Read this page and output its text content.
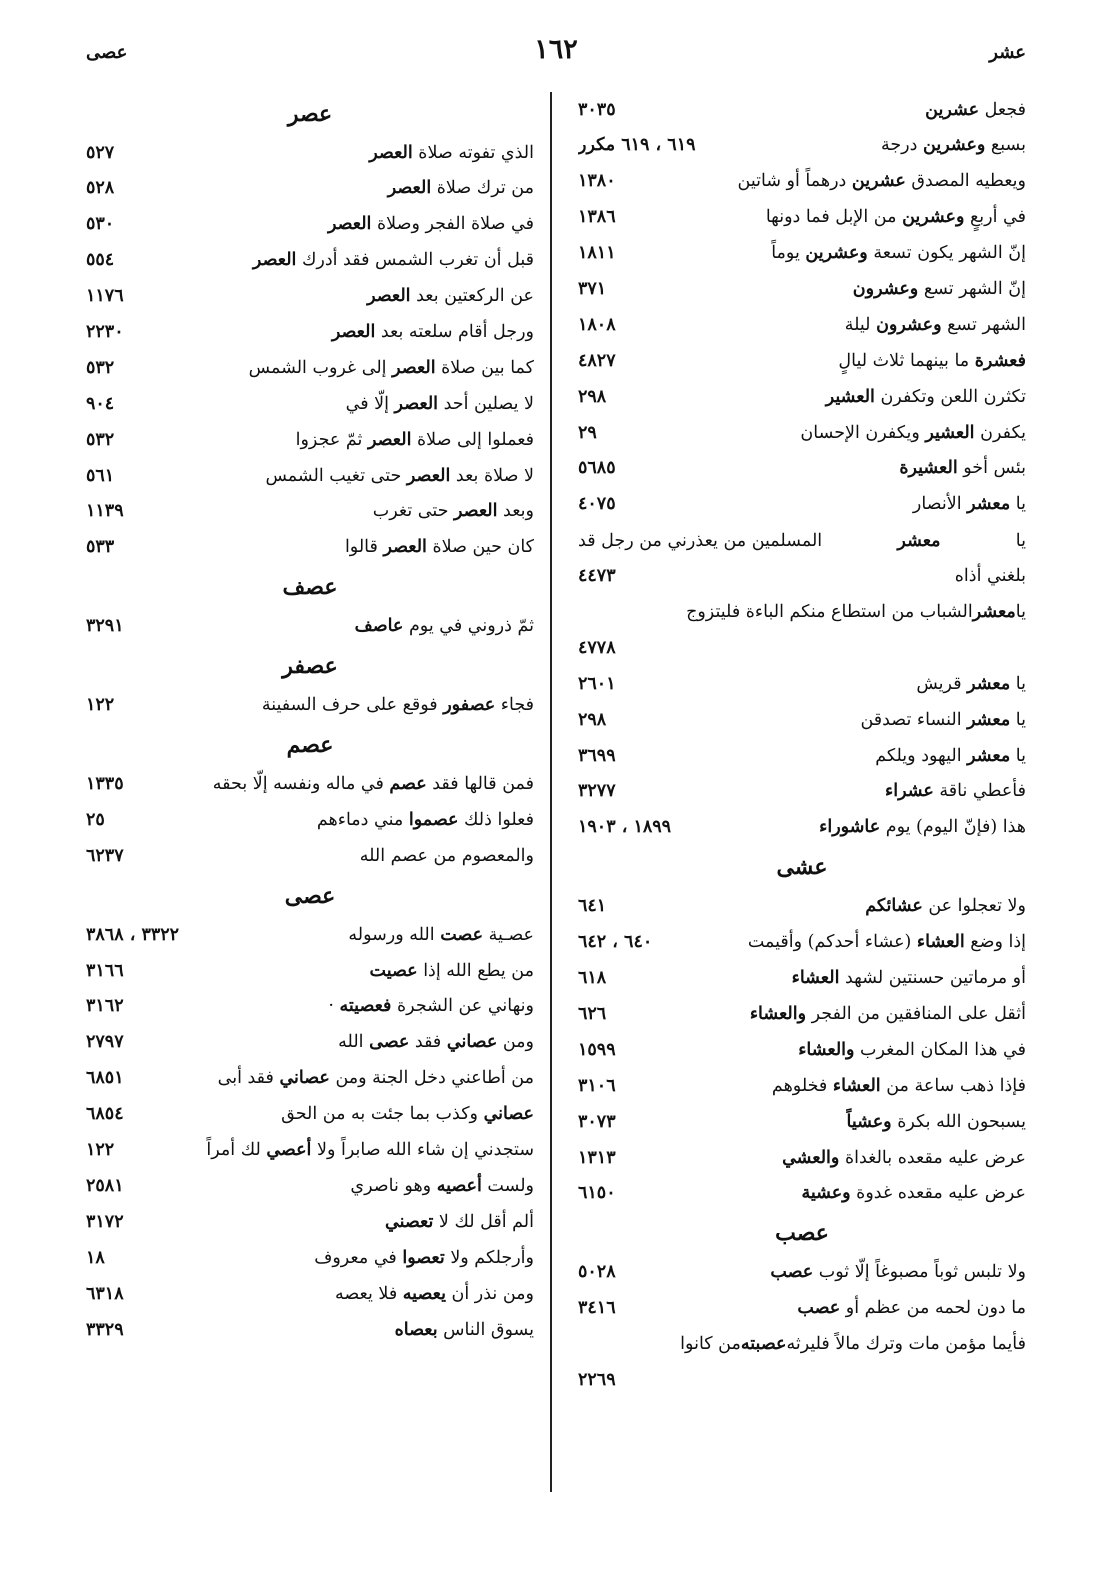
عصى	١٦٢	عشر
فجعل عشرين
٣٠٣٥
بسبع وعشرين درجة
٦١٩ ، ٦١٩ مكرر
ويعطيه المصدق عشرين درهماً أو شاتين
١٣٨٠
في أربعٍ وعشرين من الإبل فما دونها
١٣٨٦
إنّ الشهر يكون تسعة وعشرين يوماً
١٨١١
إنّ الشهر تسع وعشرون
٣٧١
الشهر تسع وعشرون ليلة
١٨٠٨
فعشرة ما بينهما ثلاث ليالٍ
٤٨٢٧
تكثرن اللعن وتكفرن العشير
٢٩٨
يكفرن العشير ويكفرن الإحسان
٢٩
بئس أخو العشيرة
٥٦٨٥
يا معشر الأنصار
٤٠٧٥
يا
معشر
المسلمين من يعذرني من رجل قد
بلغني أذاه
٤٤٧٣
يا
معشر
الشباب من استطاع منكم الباءة فليتزوج
٤٧٧٨
يا معشر قريش
٢٦٠١
يا معشر النساء تصدقن
٢٩٨
يا معشر اليهود ويلكم
٣٦٩٩
فأعطي ناقة عشراء
٣٢٧٧
هذا (فإنّ اليوم) يوم عاشوراء
١٨٩٩ ، ١٩٠٣
عشى
ولا تعجلوا عن عشائكم
٦٤١
إذا وضع العشاء (عشاء أحدكم) وأقيمت
٦٤٠ ، ٦٤٢
أو مرماتين حسنتين لشهد العشاء
٦١٨
أثقل على المنافقين من الفجر والعشاء
٦٢٦
في هذا المكان المغرب والعشاء
١٥٩٩
فإذا ذهب ساعة من العشاء فخلوهم
٣١٠٦
يسبحون الله بكرة وعشياً
٣٠٧٣
عرض عليه مقعده بالغداة والعشي
١٣١٣
عرض عليه مقعده غدوة وعشية
٦١٥٠
عصب
ولا تلبس ثوباً مصبوغاً إلّا ثوب عصب
٥٠٢٨
ما دون لحمه من عظم أو عصب
٣٤١٦
فأيما مؤمن مات وترك مالاً فليرثه
عصبته
من كانوا
٢٢٦٩
عصر
الذي تفوته صلاة العصر
٥٢٧
من ترك صلاة العصر
٥٢٨
في صلاة الفجر وصلاة العصر
٥٣٠
قبل أن تغرب الشمس فقد أدرك العصر
٥٥٤
عن الركعتين بعد العصر
١١٧٦
ورجل أقام سلعته بعد العصر
٢٢٣٠
كما بين صلاة العصر إلى غروب الشمس
٥٣٢
لا يصلين أحد العصر إلّا في
٩٠٤
فعملوا إلى صلاة العصر ثمّ عجزوا
٥٣٢
لا صلاة بعد العصر حتى تغيب الشمس
٥٦١
وبعد العصر حتى تغرب
١١٣٩
كان حين صلاة العصر قالوا
٥٣٣
عصف
ثمّ ذروني في يوم عاصف
٣٢٩١
عصفر
فجاء عصفور فوقع على حرف السفينة
١٢٢
عصم
فمن قالها فقد عصم في ماله ونفسه إلّا بحقه
١٣٣٥
فعلوا ذلك عصموا مني دماءهم
٢٥
والمعصوم من عصم الله
٦٢٣٧
عصى
عصـية عصت الله ورسوله
٣٣٢٢ ، ٣٨٦٨
من يطع الله إذا عصيت
٣١٦٦
ونهاني عن الشجرة فعصيته ·
٣١٦٢
ومن عصاني فقد عصى الله
٢٧٩٧
من أطاعني دخل الجنة ومن عصاني فقد أبى
٦٨٥١
عصاني وكذب بما جئت به من الحق
٦٨٥٤
ستجدني إن شاء الله صابراً ولا أعصي لك أمراً
١٢٢
ولست أعصيه وهو ناصري
٢٥٨١
ألم أقل لك لا تعصني
٣١٧٢
وأرجلكم ولا تعصوا في معروف
١٨
ومن نذر أن يعصيه فلا يعصه
٦٣١٨
يسوق الناس بعصاه
٣٣٢٩
